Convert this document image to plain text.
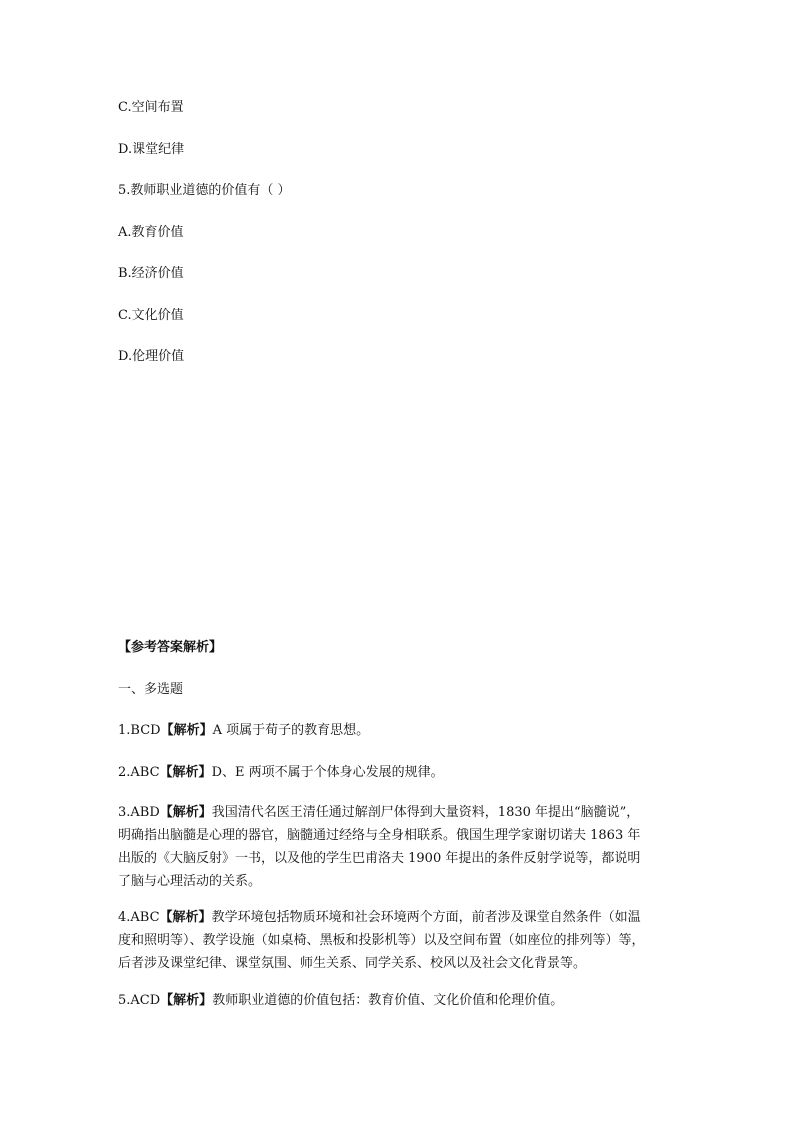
C.空间布置
D.课堂纪律
5.教师职业道德的价值有（ ）
A.教育价值
B.经济价值
C.文化价值
D.伦理价值
【参考答案解析】
一、多选题
1.BCD【解析】A 项属于荀子的教育思想。
2.ABC【解析】D、E 两项不属于个体身心发展的规律。
3.ABD【解析】我国清代名医王清任通过解剖尸体得到大量资料，1830 年提出“脑髓说”，
明确指出脑髓是心理的器官，脑髓通过经络与全身相联系。俄国生理学家谢切诺夫 1863 年
出版的《大脑反射》一书，以及他的学生巴甫洛夫 1900 年提出的条件反射学说等，都说明
了脑与心理活动的关系。
4.ABC【解析】教学环境包括物质环境和社会环境两个方面，前者涉及课堂自然条件（如温
度和照明等）、教学设施（如桌椅、黑板和投影机等）以及空间布置（如座位的排列等）等，
后者涉及课堂纪律、课堂氛围、师生关系、同学关系、校风以及社会文化背景等。
5.ACD【解析】教师职业道德的价值包括：教育价值、文化价值和伦理价值。
